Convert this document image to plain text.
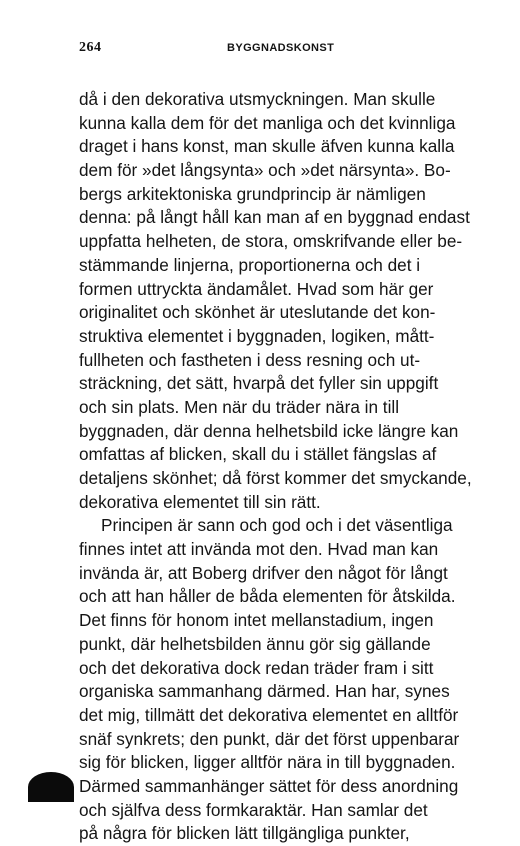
264	BYGGNADSKONST
då i den dekorativa utsmyckningen. Man skulle
kunna kalla dem för det manliga och det kvinnliga
draget i hans konst, man skulle äfven kunna kalla
dem för »det långsynta» och »det närsynta». Bo-
bergs arkitektoniska grundprincip är nämligen
denna: på långt håll kan man af en byggnad endast
uppfatta helheten, de stora, omskrifvande eller be-
stämmande linjerna, proportionerna och det i
formen uttryckta ändamålet. Hvad som här ger
originalitet och skönhet är uteslutande det kon-
struktiva elementet i byggnaden, logiken, mått-
fullheten och fastheten i dess resning och ut-
sträckning, det sätt, hvarpå det fyller sin uppgift
och sin plats. Men när du träder nära in till
byggnaden, där denna helhetsbild icke längre kan
omfattas af blicken, skall du i stället fängslas af
detaljens skönhet; då först kommer det smyckande,
dekorativa elementet till sin rätt.
Principen är sann och god och i det väsentliga
finnes intet att invända mot den. Hvad man kan
invända är, att Boberg drifver den något för långt
och att han håller de båda elementen för åtskilda.
Det finns för honom intet mellanstadium, ingen
punkt, där helhetsbilden ännu gör sig gällande
och det dekorativa dock redan träder fram i sitt
organiska sammanhang därmed. Han har, synes
det mig, tillmätt det dekorativa elementet en alltför
snäf synkrets; den punkt, där det först uppenbarar
sig för blicken, ligger alltför nära in till byggnaden.
Därmed sammanhänger sättet för dess anordning
och själfva dess formkaraktär. Han samlar det
på några för blicken lätt tillgängliga punkter,
